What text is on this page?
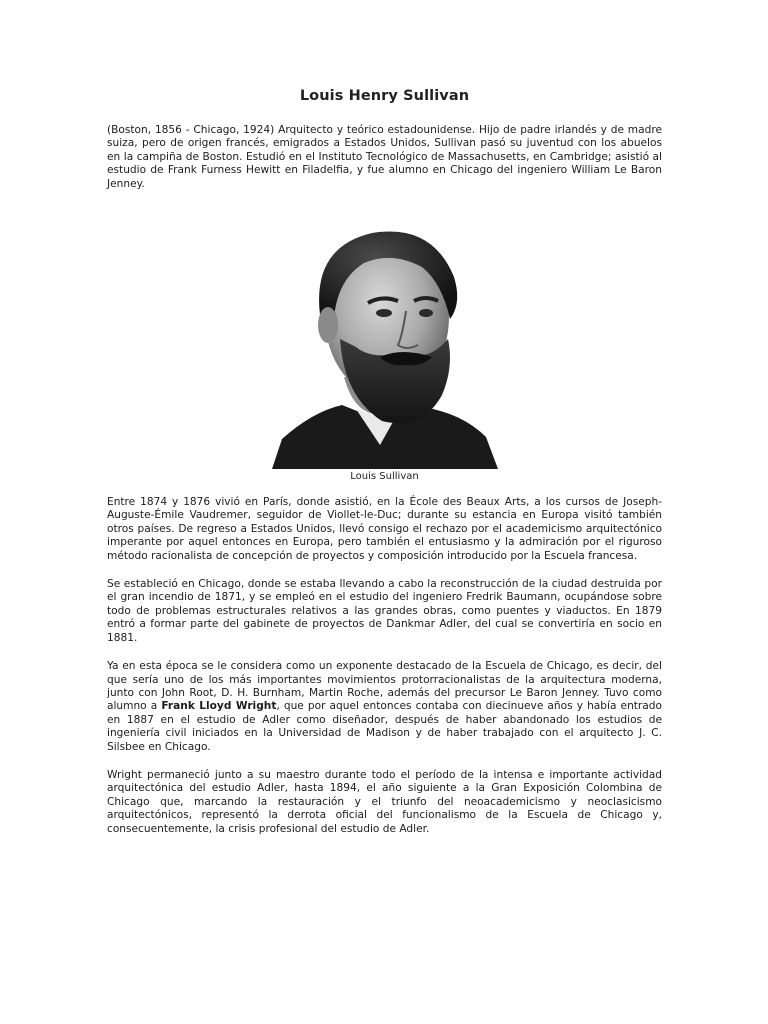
Louis Henry Sullivan

(Boston, 1856 - Chicago, 1924) Arquitecto y teórico estadounidense. Hijo de padre irlandés y de madre suiza, pero de origen francés, emigrados a Estados Unidos, Sullivan pasó su juventud con los abuelos en la campiña de Boston. Estudió en el Instituto Tecnológico de Massachusetts, en Cambridge; asistió al estudio de Frank Furness Hewitt en Filadelfia, y fue alumno en Chicago del ingeniero William Le Baron Jenney.

Louis Sullivan

Entre 1874 y 1876 vivió en París, donde asistió, en la École des Beaux Arts, a los cursos de Joseph-Auguste-Émile Vaudremer, seguidor de Viollet-le-Duc; durante su estancia en Europa visitó también otros países. De regreso a Estados Unidos, llevó consigo el rechazo por el academicismo arquitectónico imperante por aquel entonces en Europa, pero también el entusiasmo y la admiración por el riguroso método racionalista de concepción de proyectos y composición introducido por la Escuela francesa.

Se estableció en Chicago, donde se estaba llevando a cabo la reconstrucción de la ciudad destruida por el gran incendio de 1871, y se empleó en el estudio del ingeniero Fredrik Baumann, ocupándose sobre todo de problemas estructurales relativos a las grandes obras, como puentes y viaductos. En 1879 entró a formar parte del gabinete de proyectos de Dankmar Adler, del cual se convertiría en socio en 1881.

Ya en esta época se le considera como un exponente destacado de la Escuela de Chicago, es decir, del que sería uno de los más importantes movimientos protorracionalistas de la arquitectura moderna, junto con John Root, D. H. Burnham, Martin Roche, además del precursor Le Baron Jenney. Tuvo como alumno a Frank Lloyd Wright, que por aquel entonces contaba con diecinueve años y había entrado en 1887 en el estudio de Adler como diseñador, después de haber abandonado los estudios de ingeniería civil iniciados en la Universidad de Madison y de haber trabajado con el arquitecto J. C. Silsbee en Chicago.

Wright permaneció junto a su maestro durante todo el período de la intensa e importante actividad arquitectónica del estudio Adler, hasta 1894, el año siguiente a la Gran Exposición Colombina de Chicago que, marcando la restauración y el triunfo del neoacademicismo y neoclasicismo arquitectónicos, representó la derrota oficial del funcionalismo de la Escuela de Chicago y, consecuentemente, la crisis profesional del estudio de Adler.
